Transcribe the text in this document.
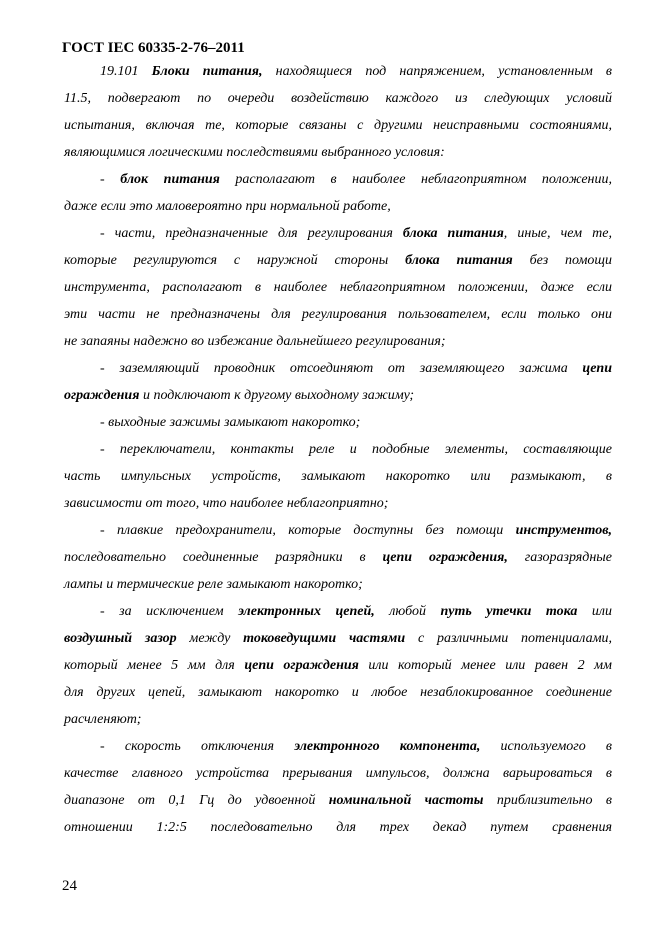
ГОСТ IEC 60335-2-76–2011
19.101 Блоки питания, находящиеся под напряжением, установленным в
11.5, подвергают по очереди воздействию каждого из следующих условий
испытания, включая те, которые связаны с другими неисправными состояниями,
являющимися логическими последствиями выбранного условия:
- блок питания располагают в наиболее неблагоприятном положении,
даже если это маловероятно при нормальной работе,
- части, предназначенные для регулирования блока питания, иные, чем те,
которые регулируются с наружной стороны блока питания без помощи
инструмента, располагают в наиболее неблагоприятном положении, даже если
эти части не предназначены для регулирования пользователем, если только они
не запаяны надежно во избежание дальнейшего регулирования;
- заземляющий проводник отсоединяют от заземляющего зажима цепи
ограждения и подключают к другому выходному зажиму;
- выходные зажимы замыкают накоротко;
- переключатели, контакты реле и подобные элементы, составляющие
часть импульсных устройств, замыкают накоротко или размыкают, в
зависимости от того, что наиболее неблагоприятно;
- плавкие предохранители, которые доступны без помощи инструментов,
последовательно соединенные разрядники в цепи ограждения, газоразрядные
лампы и термические реле замыкают накоротко;
- за исключением электронных цепей, любой путь утечки тока или
воздушный зазор между токоведущими частями с различными потенциалами,
который менее 5 мм для цепи ограждения или который менее или равен 2 мм
для других цепей, замыкают накоротко и любое незаблокированное соединение
расчленяют;
- скорость отключения электронного компонента, используемого в
качестве главного устройства прерывания импульсов, должна варьироваться в
диапазоне от 0,1 Гц до удвоенной номинальной частоты приблизительно в
отношении 1:2:5 последовательно для трех декад путем сравнения
24
